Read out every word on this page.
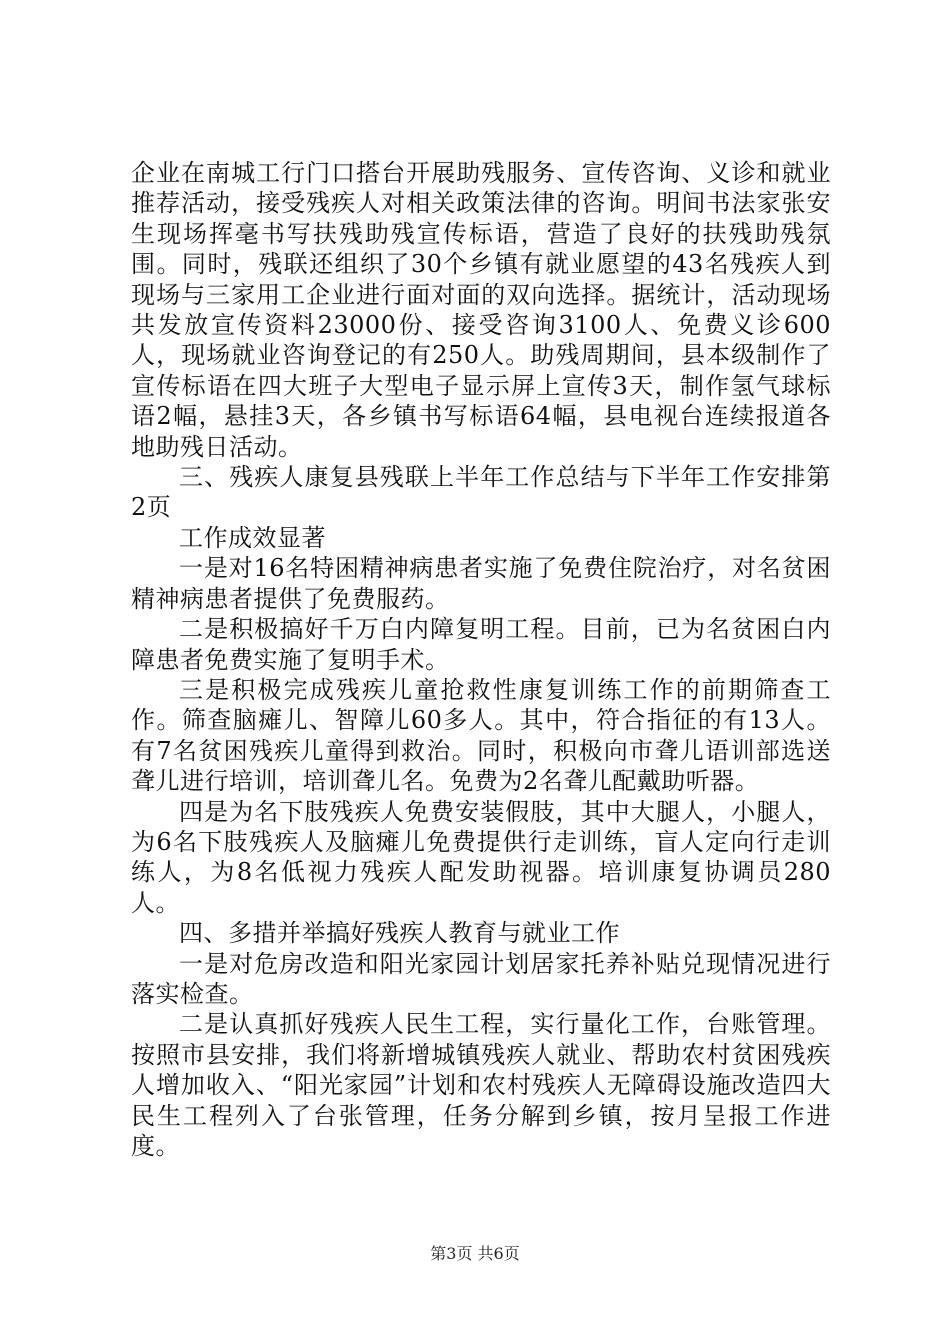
企业在南城工行门口搭台开展助残服务、宣传咨询、义诊和就业推荐活动，接受残疾人对相关政策法律的咨询。明间书法家张安生现场挥毫书写扶残助残宣传标语，营造了良好的扶残助残氛围。同时，残联还组织了30个乡镇有就业愿望的43名残疾人到现场与三家用工企业进行面对面的双向选择。据统计，活动现场共发放宣传资料23000份、接受咨询3100人、免费义诊600人，现场就业咨询登记的有250人。助残周期间，县本级制作了宣传标语在四大班子大型电子显示屏上宣传3天，制作氢气球标语2幅，悬挂3天，各乡镇书写标语64幅，县电视台连续报道各地助残日活动。

三、残疾人康复县残联上半年工作总结与下半年工作安排第2页

工作成效显著

一是对16名特困精神病患者实施了免费住院治疗，对名贫困精神病患者提供了免费服药。

二是积极搞好千万白内障复明工程。目前，已为名贫困白内障患者免费实施了复明手术。

三是积极完成残疾儿童抢救性康复训练工作的前期筛查工作。筛查脑瘫儿、智障儿60多人。其中，符合指征的有13人。有7名贫困残疾儿童得到救治。同时，积极向市聋儿语训部选送聋儿进行培训，培训聋儿名。免费为2名聋儿配戴助听器。

四是为名下肢残疾人免费安装假肢，其中大腿人，小腿人，为6名下肢残疾人及脑瘫儿免费提供行走训练，盲人定向行走训练人，为8名低视力残疾人配发助视器。培训康复协调员280人。

四、多措并举搞好残疾人教育与就业工作

一是对危房改造和阳光家园计划居家托养补贴兑现情况进行落实检查。

二是认真抓好残疾人民生工程，实行量化工作，台账管理。按照市县安排，我们将新增城镇残疾人就业、帮助农村贫困残疾人增加收入、“阳光家园”计划和农村残疾人无障碍设施改造四大民生工程列入了台张管理，任务分解到乡镇，按月呈报工作进度。

第3页 共6页
